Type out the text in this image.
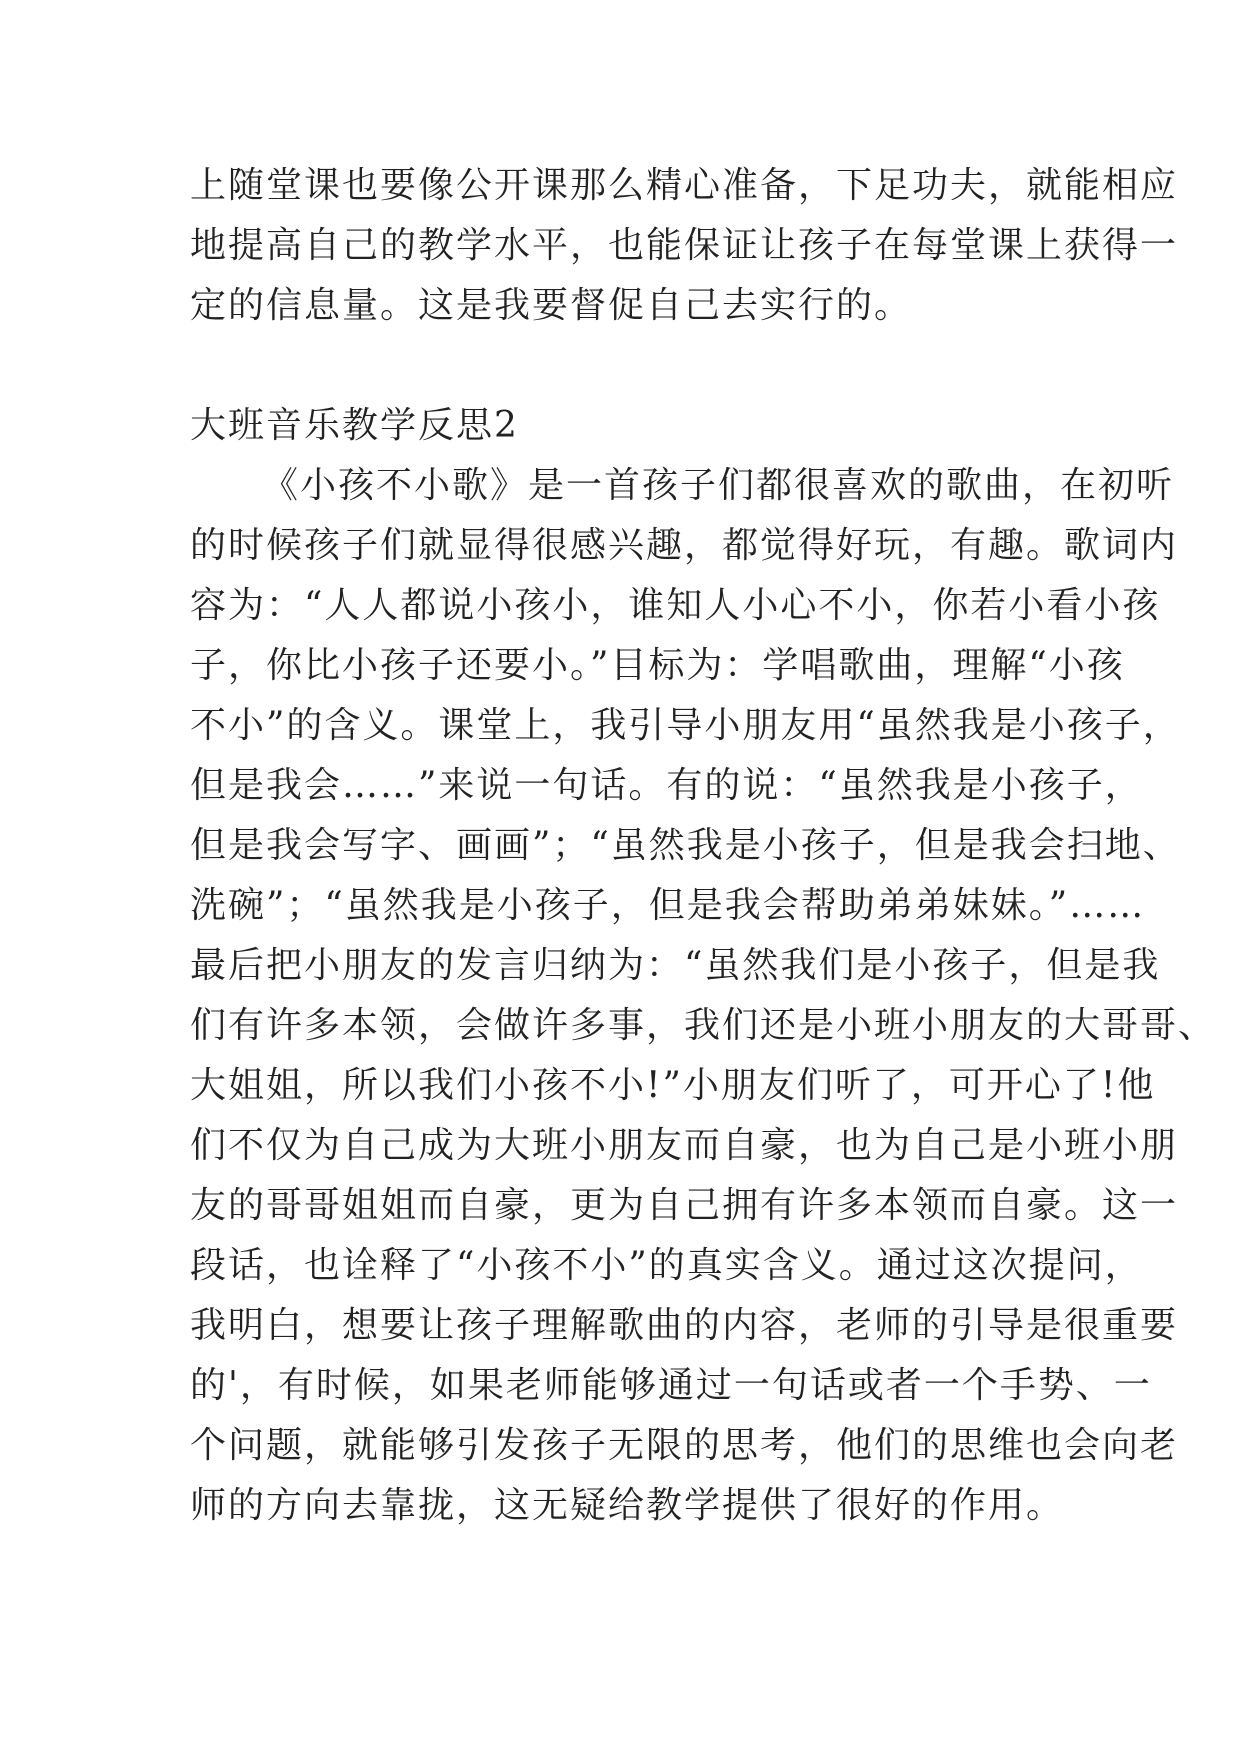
上随堂课也要像公开课那么精心准备，下足功夫，就能相应
地提高自己的教学水平，也能保证让孩子在每堂课上获得一
定的信息量。这是我要督促自己去实行的。
大班音乐教学反思2
《小孩不小歌》是一首孩子们都很喜欢的歌曲，在初听
的时候孩子们就显得很感兴趣，都觉得好玩，有趣。歌词内
容为：“人人都说小孩小，谁知人小心不小，你若小看小孩
子，你比小孩子还要小。”目标为：学唱歌曲，理解“小孩
不小”的含义。课堂上，我引导小朋友用“虽然我是小孩子，
但是我会……”来说一句话。有的说：“虽然我是小孩子，
但是我会写字、画画”；“虽然我是小孩子，但是我会扫地、
洗碗”；“虽然我是小孩子，但是我会帮助弟弟妹妹。”……
最后把小朋友的发言归纳为：“虽然我们是小孩子，但是我
们有许多本领，会做许多事，我们还是小班小朋友的大哥哥、
大姐姐，所以我们小孩不小!”小朋友们听了，可开心了!他
们不仅为自己成为大班小朋友而自豪，也为自己是小班小朋
友的哥哥姐姐而自豪，更为自己拥有许多本领而自豪。这一
段话，也诠释了“小孩不小”的真实含义。通过这次提问，
我明白，想要让孩子理解歌曲的内容，老师的引导是很重要
的'，有时候，如果老师能够通过一句话或者一个手势、一
个问题，就能够引发孩子无限的思考，他们的思维也会向老
师的方向去靠拢，这无疑给教学提供了很好的作用。
